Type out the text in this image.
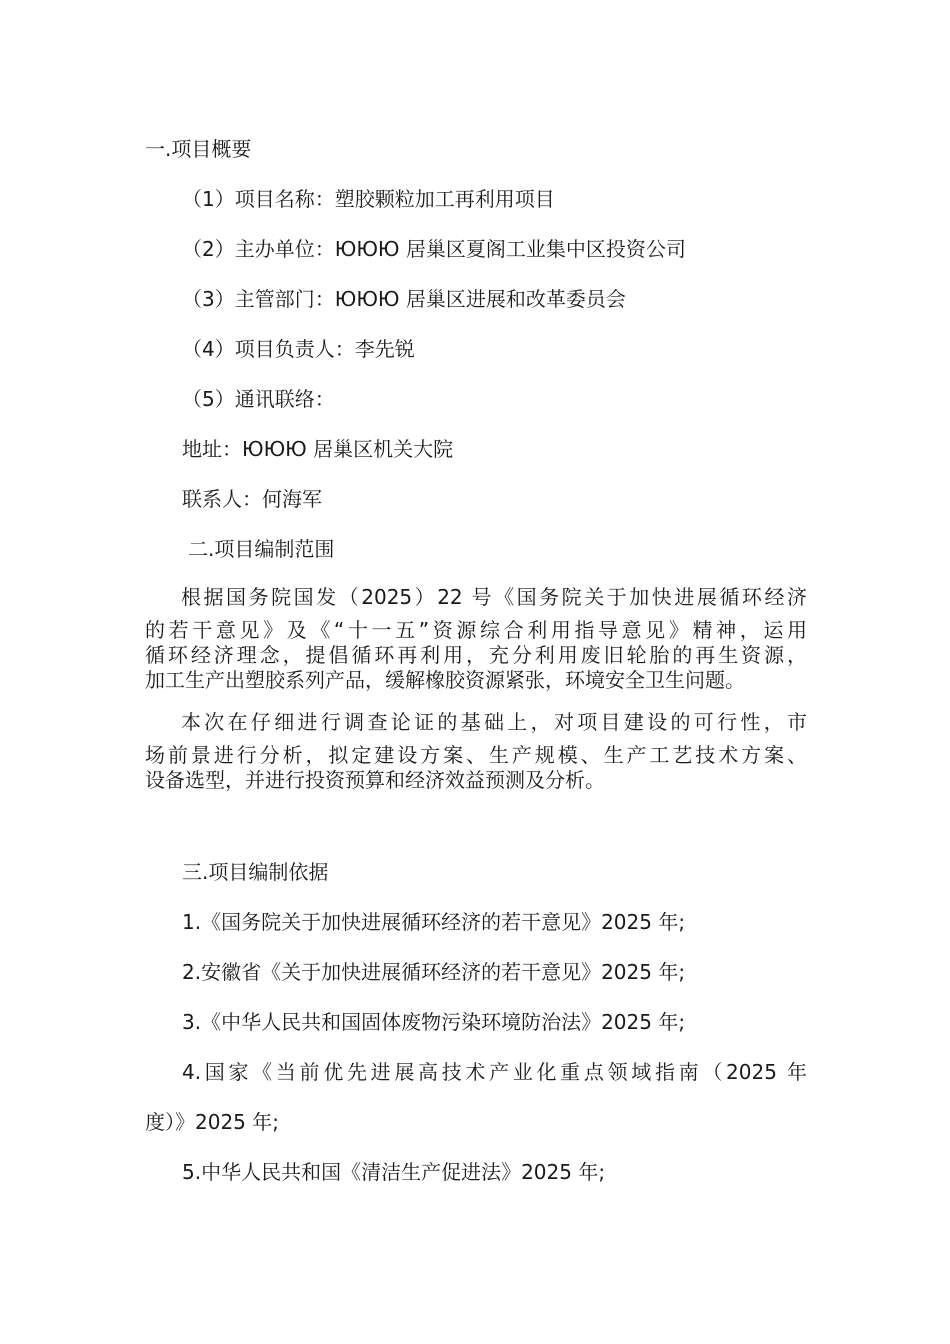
一.项目概要
（1）项目名称：塑胶颗粒加工再利用项目
（2）主办单位：ЮЮЮ 居巢区夏阁工业集中区投资公司
（3）主管部门：ЮЮЮ 居巢区进展和改革委员会
（4）项目负责人：李先锐
（5）通讯联络：
地址：ЮЮЮ 居巢区机关大院
联系人：何海军
二.项目编制范围
根据国务院国发（2025）22 号《国务院关于加快进展循环经济
的若干意见》及《“十一五”资源综合利用指导意见》精神，运用
循环经济理念，提倡循环再利用，充分利用废旧轮胎的再生资源，
加工生产出塑胶系列产品，缓解橡胶资源紧张，环境安全卫生问题。
本次在仔细进行调查论证的基础上，对项目建设的可行性，市
场前景进行分析，拟定建设方案、生产规模、生产工艺技术方案、
设备选型，并进行投资预算和经济效益预测及分析。
三.项目编制依据
1.《国务院关于加快进展循环经济的若干意见》2025 年;
2.安徽省《关于加快进展循环经济的若干意见》2025 年;
3.《中华人民共和国固体废物污染环境防治法》2025 年;
4.国家《当前优先进展高技术产业化重点领域指南（2025 年
度）》2025 年;
5.中华人民共和国《清洁生产促进法》2025 年;
